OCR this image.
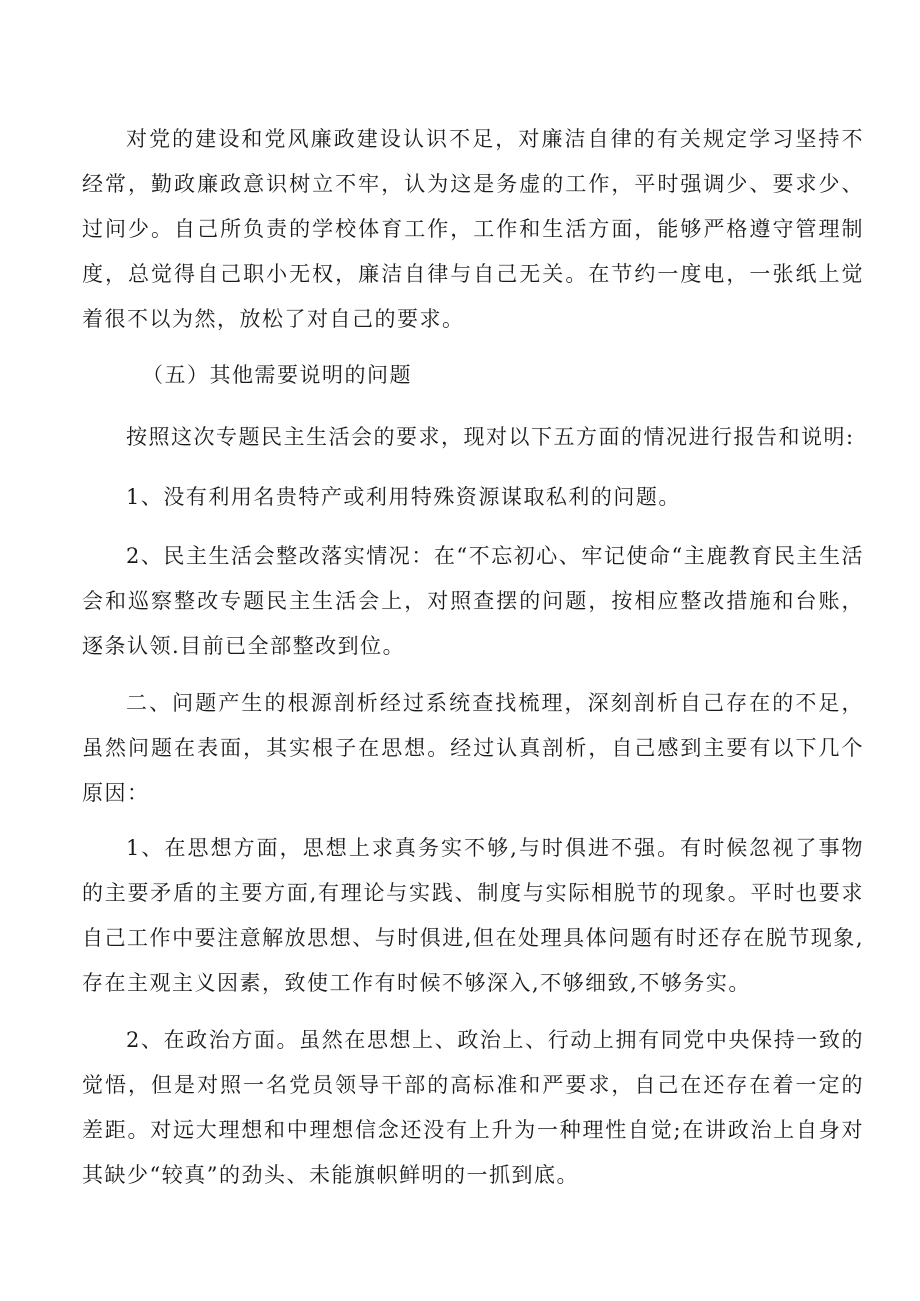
对党的建设和党风廉政建设认识不足，对廉洁自律的有关规定学习坚持不经常，勤政廉政意识树立不牢，认为这是务虚的工作，平时强调少、要求少、过问少。自己所负责的学校体育工作，工作和生活方面，能够严格遵守管理制度，总觉得自己职小无权，廉洁自律与自己无关。在节约一度电，一张纸上觉着很不以为然，放松了对自己的要求。

（五）其他需要说明的问题

按照这次专题民主生活会的要求，现对以下五方面的情况进行报告和说明:

1、没有利用名贵特产或利用特殊资源谋取私利的问题。

2、民主生活会整改落实情况：在“不忘初心、牢记使命“主鹿教育民主生活会和巡察整改专题民主生活会上，对照查摆的问题，按相应整改措施和台账，逐条认领.目前已全部整改到位。

二、问题产生的根源剖析经过系统查找梳理，深刻剖析自己存在的不足，虽然问题在表面，其实根子在思想。经过认真剖析，自己感到主要有以下几个原因：

1、在思想方面，思想上求真务实不够,与时俱进不强。有时候忽视了事物的主要矛盾的主要方面,有理论与实践、制度与实际相脱节的现象。平时也要求自己工作中要注意解放思想、与时俱进,但在处理具体问题有时还存在脱节现象,存在主观主义因素，致使工作有时候不够深入,不够细致,不够务实。

2、在政治方面。虽然在思想上、政治上、行动上拥有同党中央保持一致的觉悟，但是对照一名党员领导干部的高标准和严要求，自己在还存在着一定的差距。对远大理想和中理想信念还没有上升为一种理性自觉;在讲政治上自身对其缺少“较真”的劲头、未能旗帜鲜明的一抓到底。
